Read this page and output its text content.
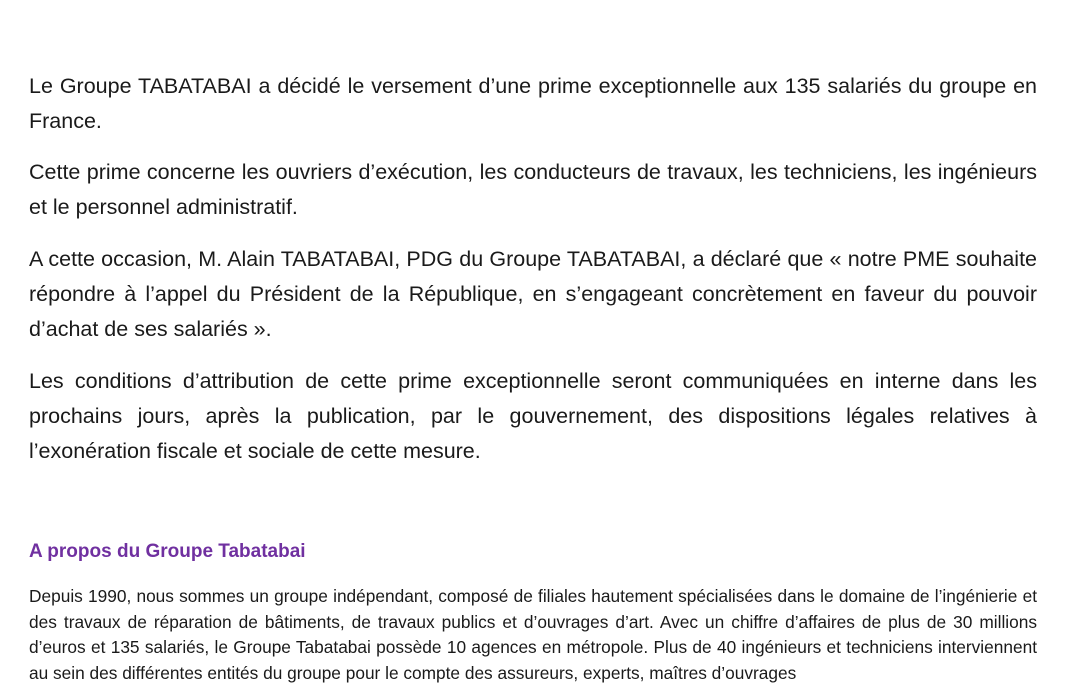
Le Groupe TABATABAI a décidé le versement d’une prime exceptionnelle aux 135 salariés du groupe en France.

Cette prime concerne les ouvriers d’exécution, les conducteurs de travaux, les techniciens, les ingénieurs et le personnel administratif.

A cette occasion, M. Alain TABATABAI, PDG du Groupe TABATABAI, a déclaré que « notre PME souhaite répondre à l’appel du Président de la République, en s’engageant concrètement en faveur du pouvoir d’achat de ses salariés ».

Les conditions d’attribution de cette prime exceptionnelle seront communiquées en interne dans les prochains jours, après la publication, par le gouvernement, des dispositions légales relatives à l’exonération fiscale et sociale de cette mesure.

A propos du Groupe Tabatabai

Depuis 1990, nous sommes un groupe indépendant, composé de filiales hautement spécialisées dans le domaine de l’ingénierie et des travaux de réparation de bâtiments, de travaux publics et d’ouvrages d’art. Avec un chiffre d’affaires de plus de 30 millions d’euros et 135 salariés, le Groupe Tabatabai possède 10 agences en métropole. Plus de 40 ingénieurs et techniciens interviennent au sein des différentes entités du groupe pour le compte des assureurs, experts, maîtres d’ouvrages
